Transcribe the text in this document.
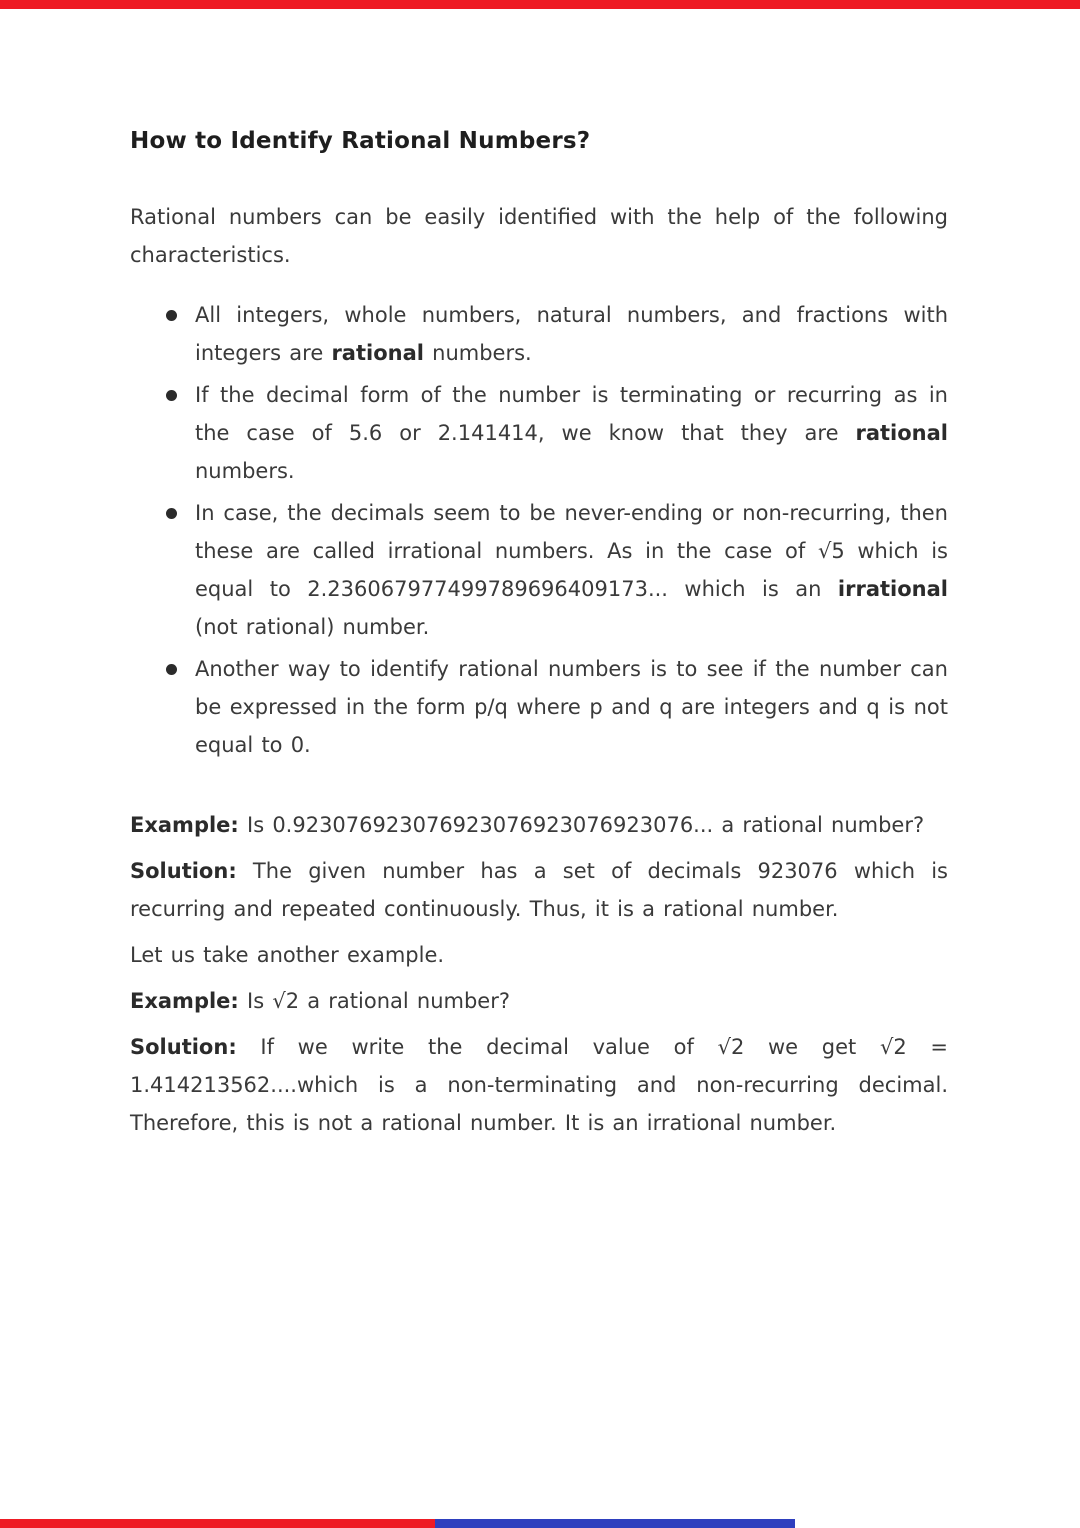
How to Identify Rational Numbers?

Rational numbers can be easily identified with the help of the following characteristics.

All integers, whole numbers, natural numbers, and fractions with integers are rational numbers.
If the decimal form of the number is terminating or recurring as in the case of 5.6 or 2.141414, we know that they are rational numbers.
In case, the decimals seem to be never-ending or non-recurring, then these are called irrational numbers. As in the case of √5 which is equal to 2.236067977499789696409173... which is an irrational (not rational) number.
Another way to identify rational numbers is to see if the number can be expressed in the form p/q where p and q are integers and q is not equal to 0.

Example: Is 0.923076923076923076923076923076... a rational number?

Solution: The given number has a set of decimals 923076 which is recurring and repeated continuously. Thus, it is a rational number.

Let us take another example.

Example: Is √2 a rational number?

Solution: If we write the decimal value of √2 we get √2 = 1.414213562....which is a non-terminating and non-recurring decimal. Therefore, this is not a rational number. It is an irrational number.
